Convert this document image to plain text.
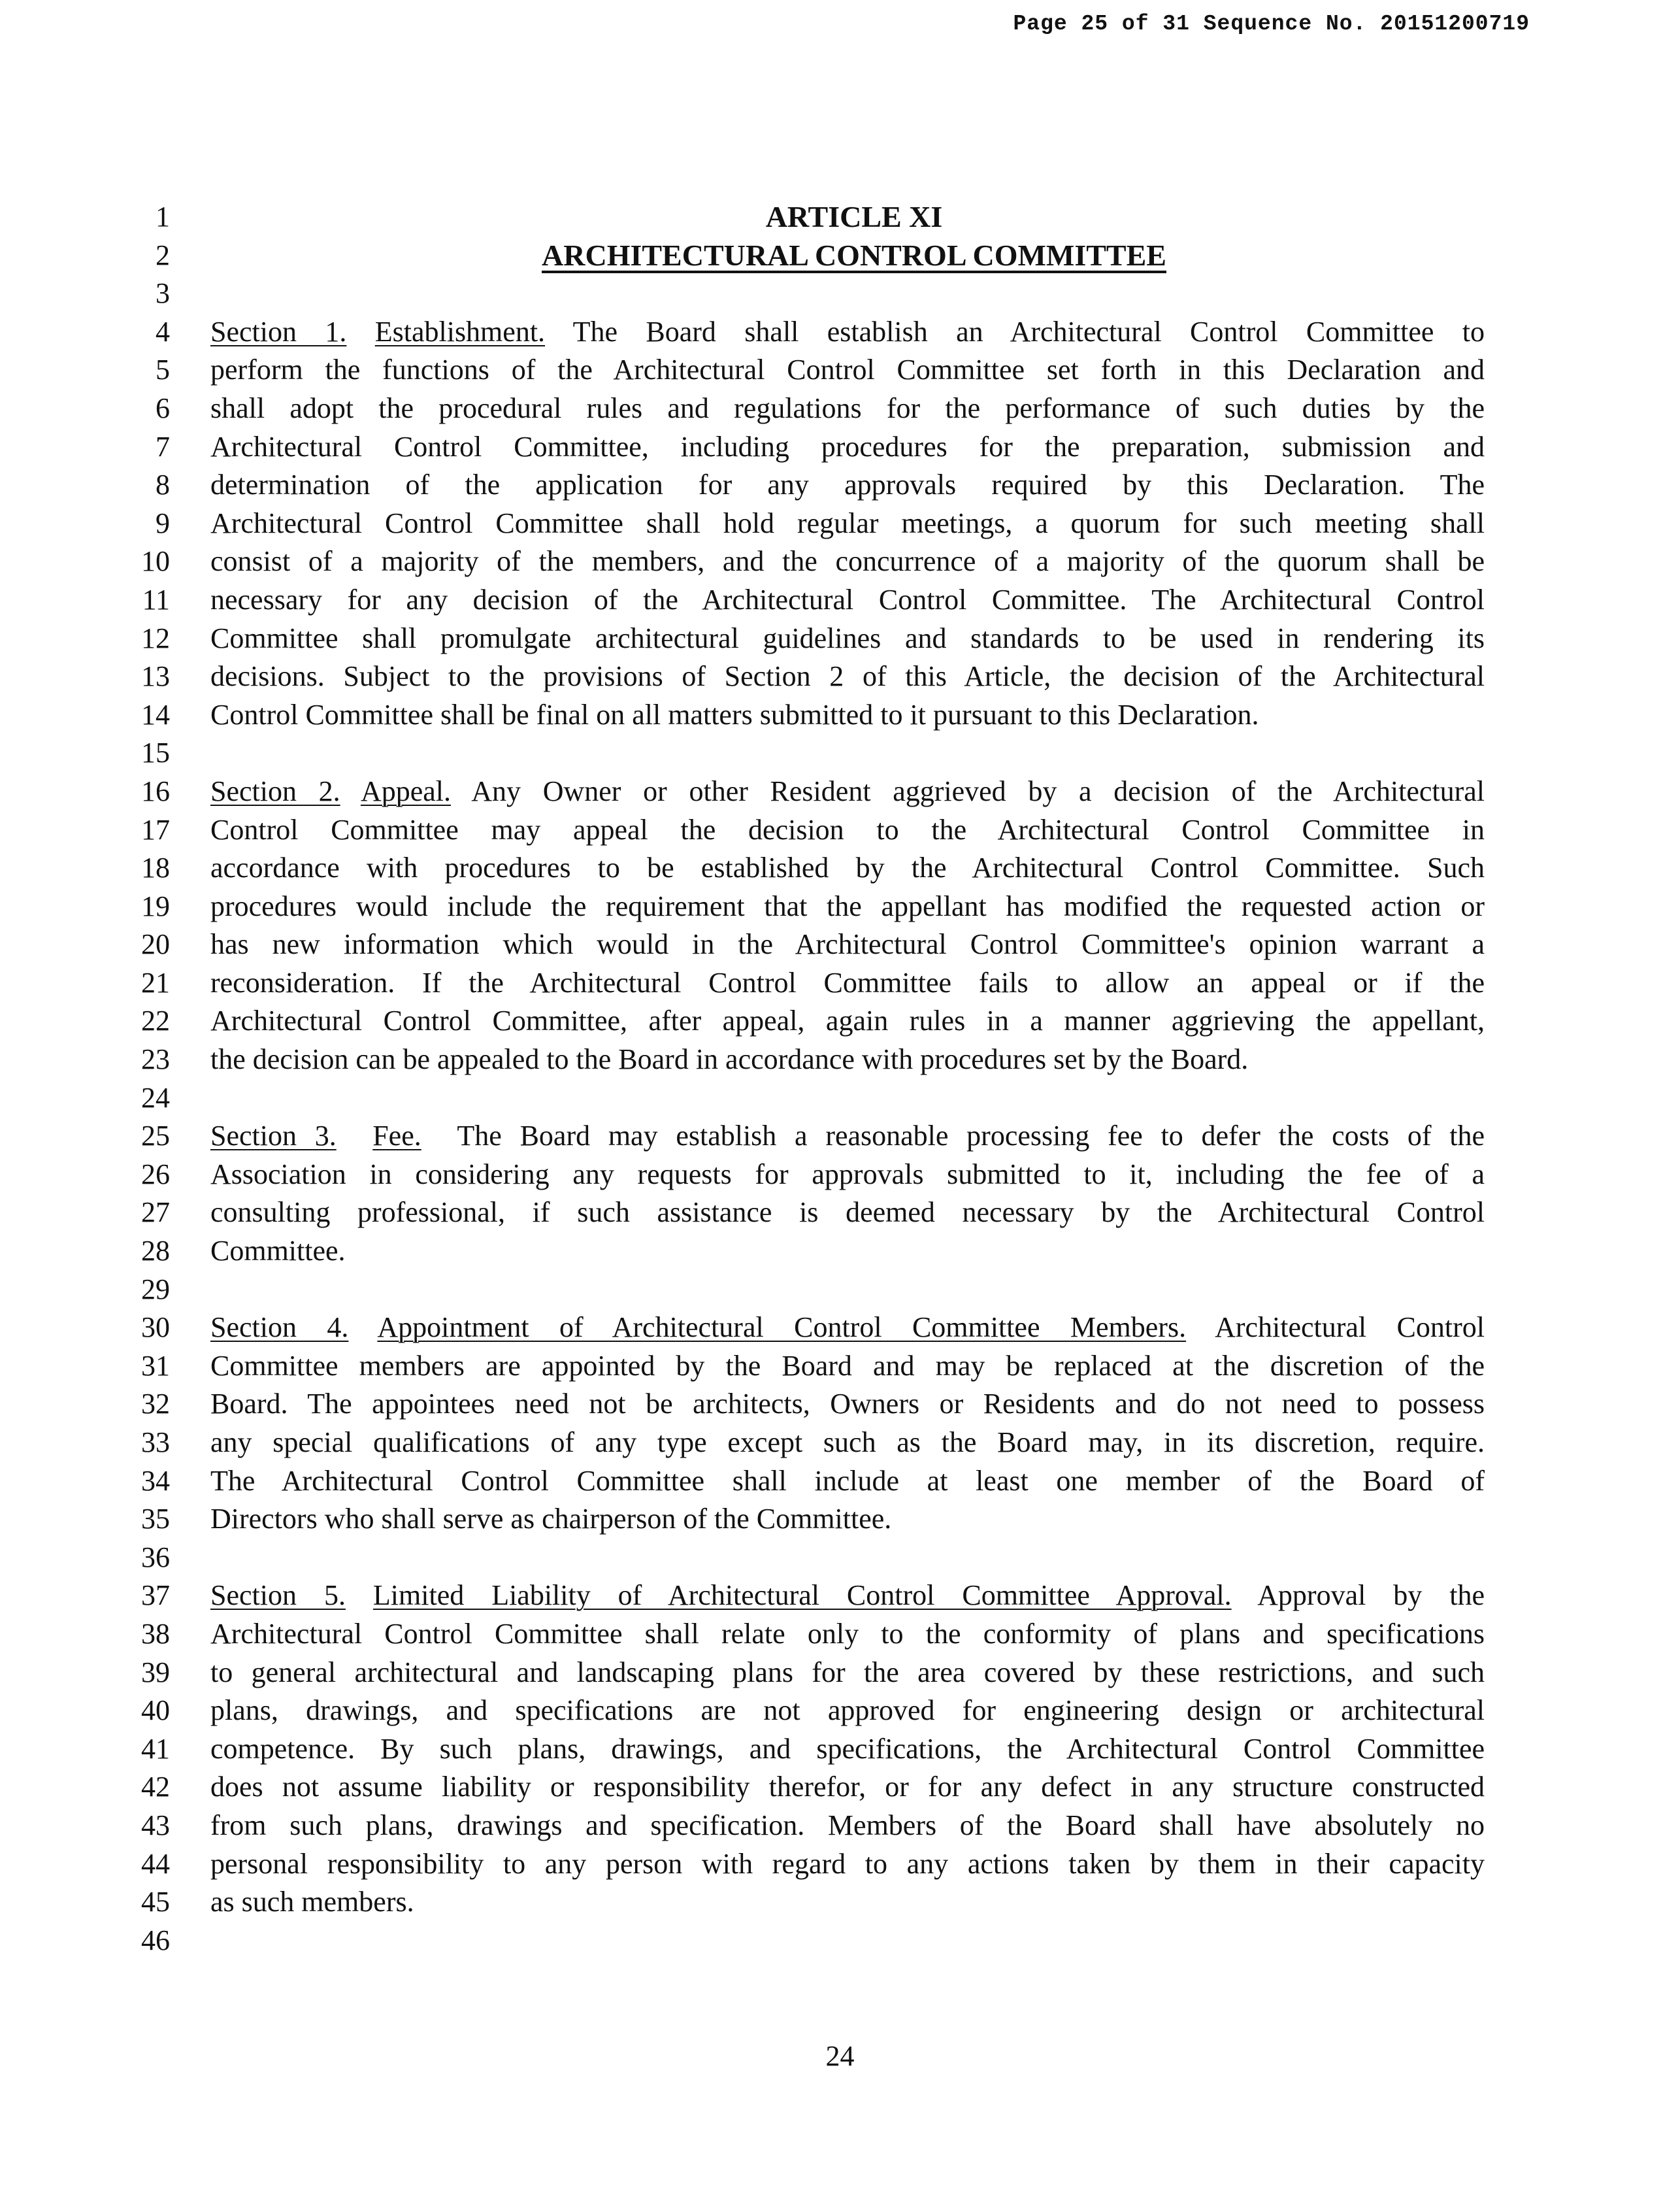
Page 25 of 31 Sequence No. 20151200719
1
2
3
4
5
6
7
8
9
10
11
12
13
14
15
16
17
18
19
20
21
22
23
24
25
26
27
28
29
30
31
32
33
34
35
36
37
38
39
40
41
42
43
44
45
46
ARTICLE XI
ARCHITECTURAL CONTROL COMMITTEE
Section 1. Establishment. The Board shall establish an Architectural Control Committee to
perform the functions of the Architectural Control Committee set forth in this Declaration and
shall adopt the procedural rules and regulations for the performance of such duties by the
Architectural Control Committee, including procedures for the preparation, submission and
determination of the application for any approvals required by this Declaration. The
Architectural Control Committee shall hold regular meetings, a quorum for such meeting shall
consist of a majority of the members, and the concurrence of a majority of the quorum shall be
necessary for any decision of the Architectural Control Committee. The Architectural Control
Committee shall promulgate architectural guidelines and standards to be used in rendering its
decisions. Subject to the provisions of Section 2 of this Article, the decision of the Architectural
Control Committee shall be final on all matters submitted to it pursuant to this Declaration.
Section 2. Appeal. Any Owner or other Resident aggrieved by a decision of the Architectural
Control Committee may appeal the decision to the Architectural Control Committee in
accordance with procedures to be established by the Architectural Control Committee. Such
procedures would include the requirement that the appellant has modified the requested action or
has new information which would in the Architectural Control Committee's opinion warrant a
reconsideration. If the Architectural Control Committee fails to allow an appeal or if the
Architectural Control Committee, after appeal, again rules in a manner aggrieving the appellant,
the decision can be appealed to the Board in accordance with procedures set by the Board.
Section 3. Fee. The Board may establish a reasonable processing fee to defer the costs of the
Association in considering any requests for approvals submitted to it, including the fee of a
consulting professional, if such assistance is deemed necessary by the Architectural Control
Committee.
Section 4. Appointment of Architectural Control Committee Members. Architectural Control
Committee members are appointed by the Board and may be replaced at the discretion of the
Board. The appointees need not be architects, Owners or Residents and do not need to possess
any special qualifications of any type except such as the Board may, in its discretion, require.
The Architectural Control Committee shall include at least one member of the Board of
Directors who shall serve as chairperson of the Committee.
Section 5. Limited Liability of Architectural Control Committee Approval. Approval by the
Architectural Control Committee shall relate only to the conformity of plans and specifications
to general architectural and landscaping plans for the area covered by these restrictions, and such
plans, drawings, and specifications are not approved for engineering design or architectural
competence. By such plans, drawings, and specifications, the Architectural Control Committee
does not assume liability or responsibility therefor, or for any defect in any structure constructed
from such plans, drawings and specification. Members of the Board shall have absolutely no
personal responsibility to any person with regard to any actions taken by them in their capacity
as such members.
24
